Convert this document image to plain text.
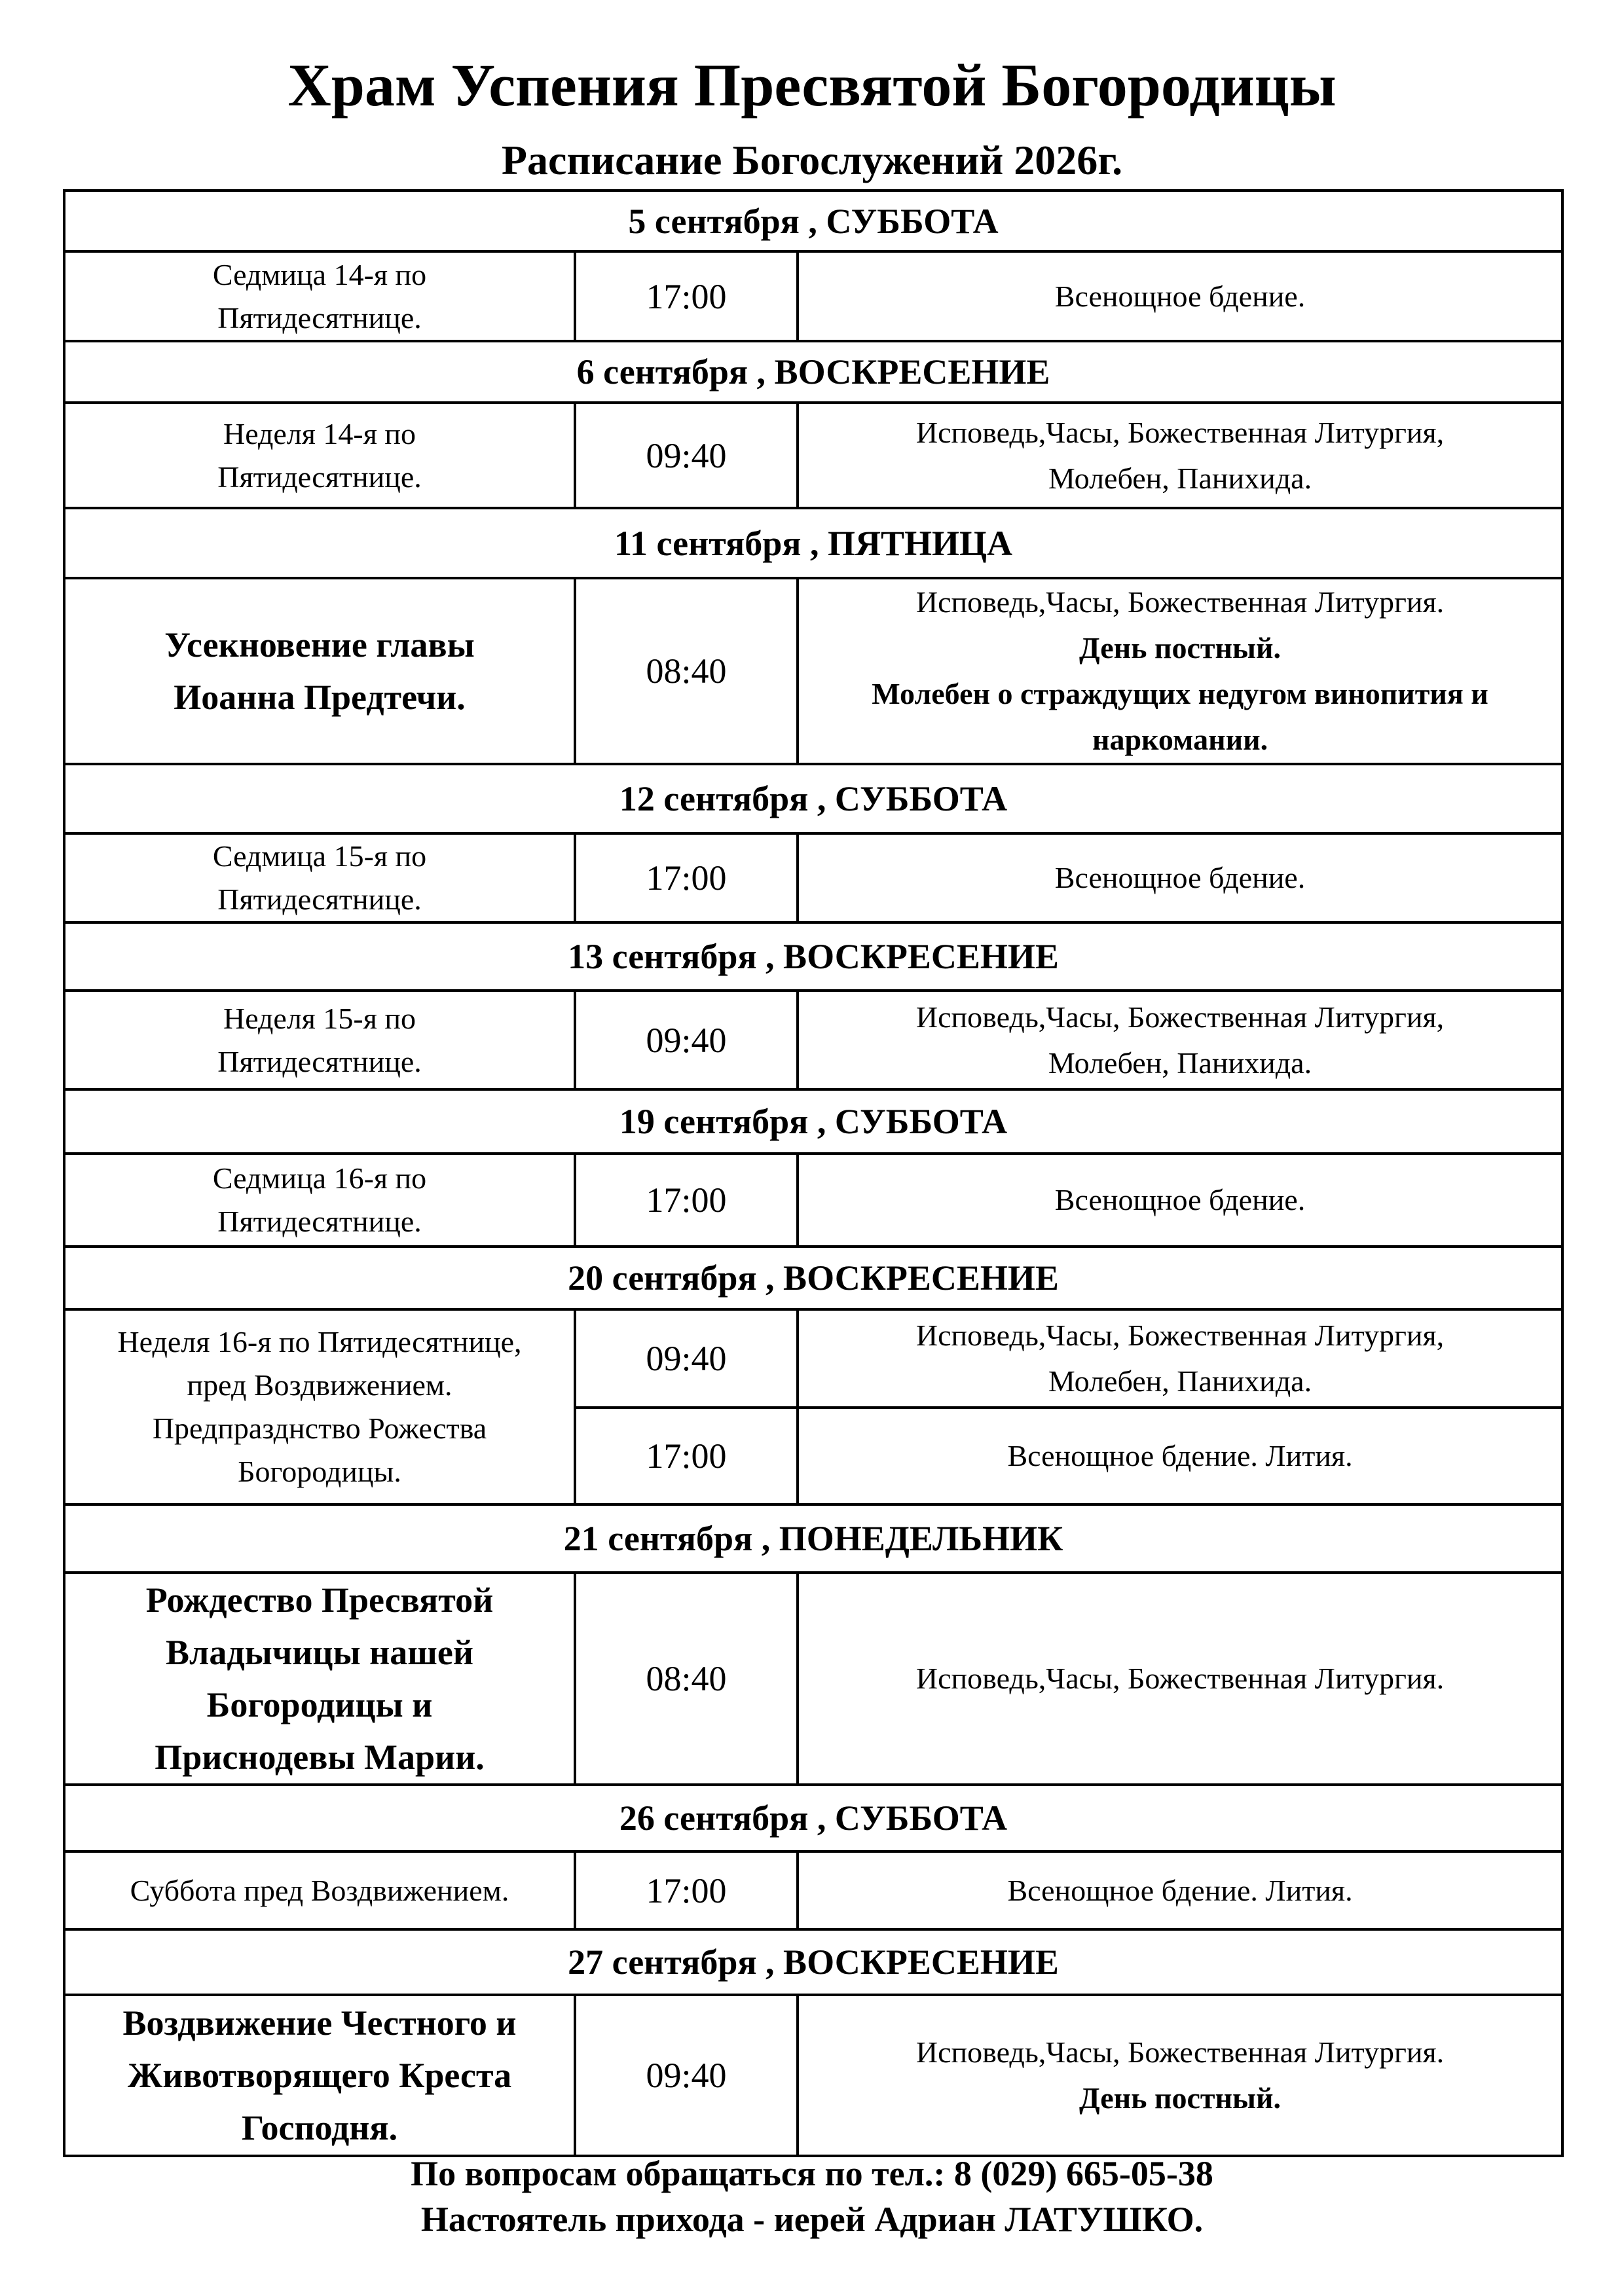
Храм Успения Пресвятой Богородицы
Расписание Богослужений 2026г.
5 сентября , СУББОТА		

Седмица 14-я по
Пятидесятнице.	17:00	Всенощное бдение.

6 сентября , ВОСКРЕСЕНИЕ		

Неделя 14-я по
Пятидесятнице.	09:40	Исповедь,Часы, Божественная Литургия,
Молебен, Панихида.

11 сентября , ПЯТНИЦА		

Усекновение главы
Иоанна Предтечи.	08:40	Исповедь,Часы, Божественная Литургия.
День постный.
Молебен о страждущих недугом винопития и
наркомании.

12 сентября , СУББОТА		

Седмица 15-я по
Пятидесятнице.	17:00	Всенощное бдение.

13 сентября , ВОСКРЕСЕНИЕ		

Неделя 15-я по
Пятидесятнице.	09:40	Исповедь,Часы, Божественная Литургия,
Молебен, Панихида.

19 сентября , СУББОТА		

Седмица 16-я по
Пятидесятнице.	17:00	Всенощное бдение.

20 сентября , ВОСКРЕСЕНИЕ		

Неделя 16-я по Пятидесятнице,
пред Воздвижением.
Предпразднство Рожества
Богородицы.	09:40	Исповедь,Часы, Божественная Литургия,
Молебен, Панихида.

	17:00	Всенощное бдение. Лития.

21 сентября , ПОНЕДЕЛЬНИК		

Рождество Пресвятой
Владычицы нашей
Богородицы и
Приснодевы Марии.	08:40	Исповедь,Часы, Божественная Литургия.

26 сентября , СУББОТА		

Суббота пред Воздвижением.	17:00	Всенощное бдение. Лития.

27 сентября , ВОСКРЕСЕНИЕ		

Воздвижение Честного и
Животворящего Креста
Господня.	09:40	Исповедь,Часы, Божественная Литургия.
День постный.
По вопросам обращаться по тел.: 8 (029) 665-05-38
Настоятель прихода - иерей Адриан ЛАТУШКО.
